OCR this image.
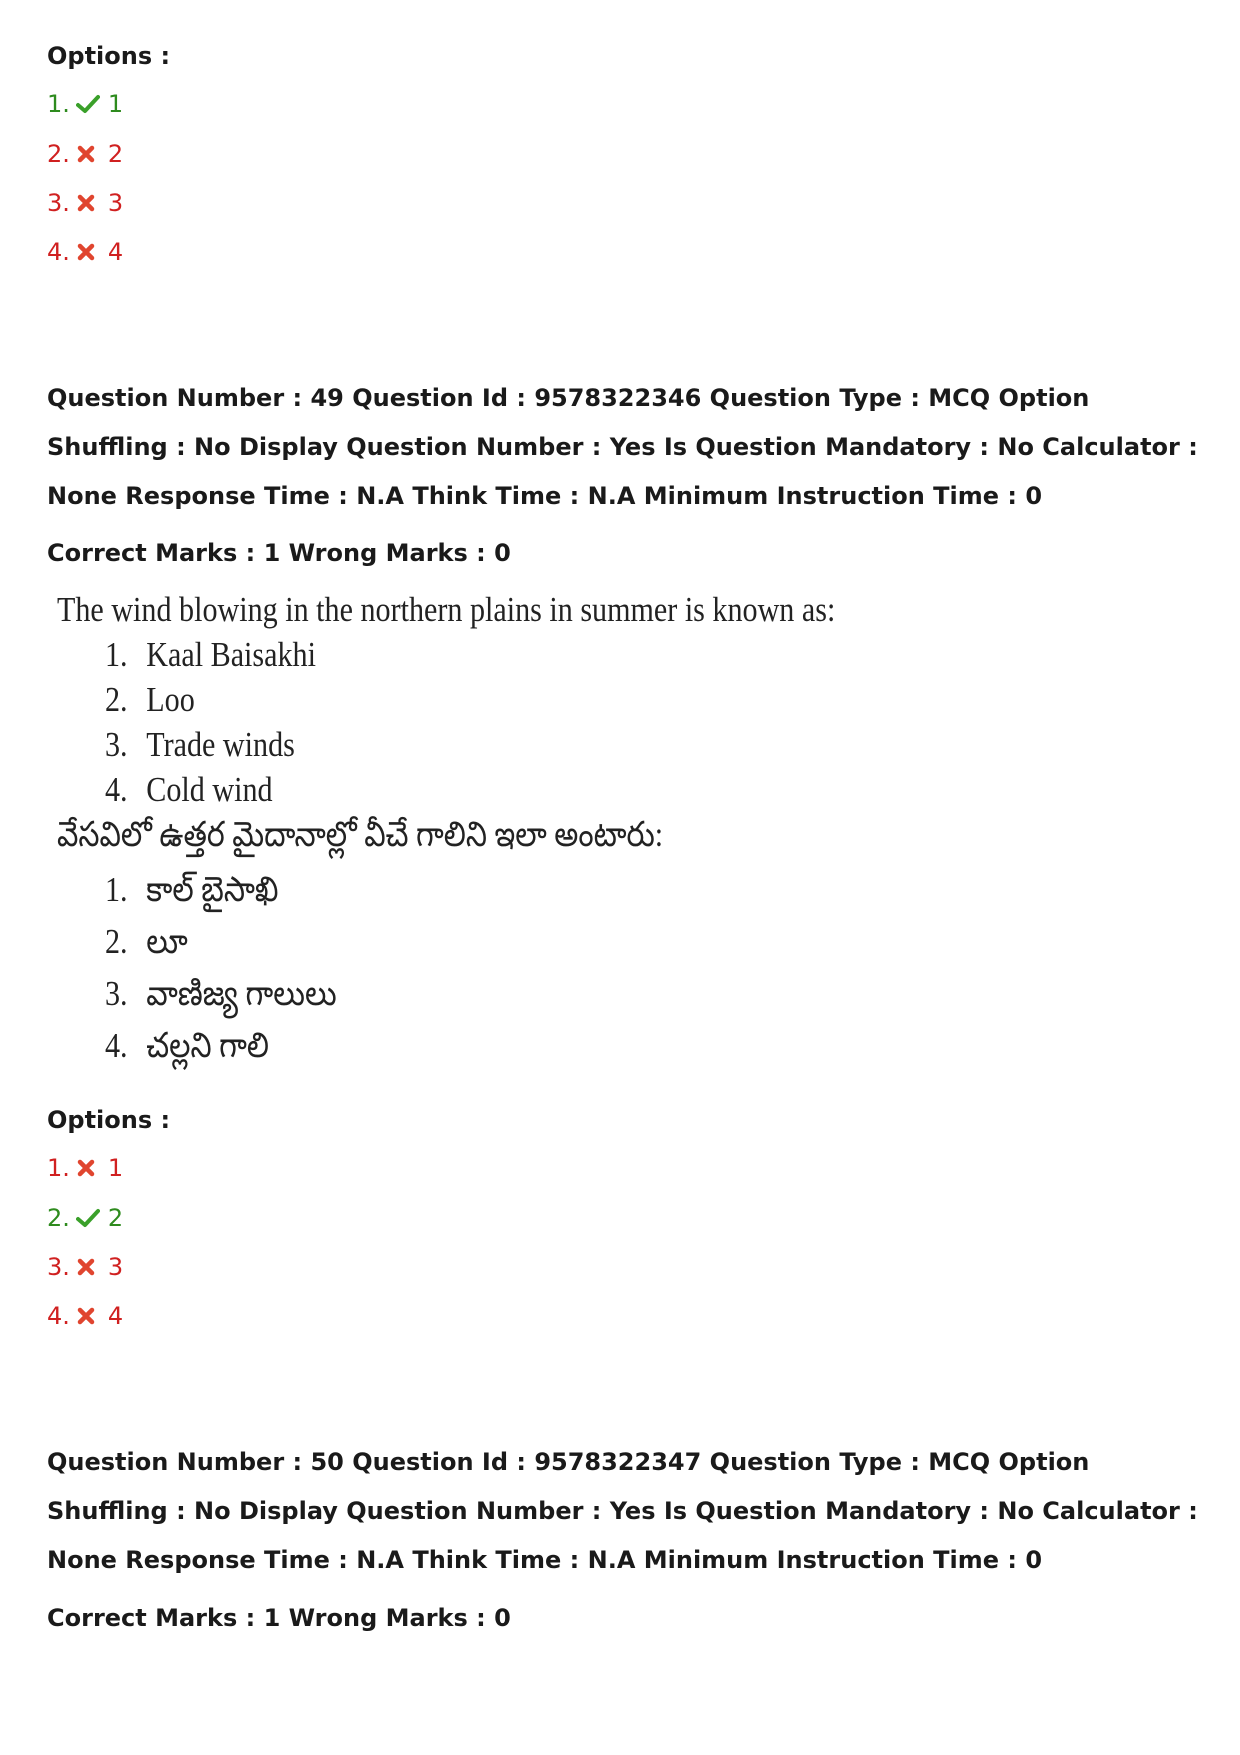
Options :
1. 1
2. 2
3. 3
4. 4
Question Number : 49 Question Id : 9578322346 Question Type : MCQ Option Shuffling : No Display Question Number : Yes Is Question Mandatory : No Calculator : None Response Time : N.A Think Time : N.A Minimum Instruction Time : 0
Correct Marks : 1 Wrong Marks : 0
The wind blowing in the northern plains in summer is known as:
1. Kaal Baisakhi
2. Loo
3. Trade winds
4. Cold wind
వేసవిలో ఉత్తర మైదానాల్లో వీచే గాలిని ఇలా అంటారు:
1. కాల్ బైసాఖి
2. లూ
3. వాణిజ్య గాలులు
4. చల్లని గాలి
Options :
1. 1
2. 2
3. 3
4. 4
Question Number : 50 Question Id : 9578322347 Question Type : MCQ Option Shuffling : No Display Question Number : Yes Is Question Mandatory : No Calculator : None Response Time : N.A Think Time : N.A Minimum Instruction Time : 0
Correct Marks : 1 Wrong Marks : 0
